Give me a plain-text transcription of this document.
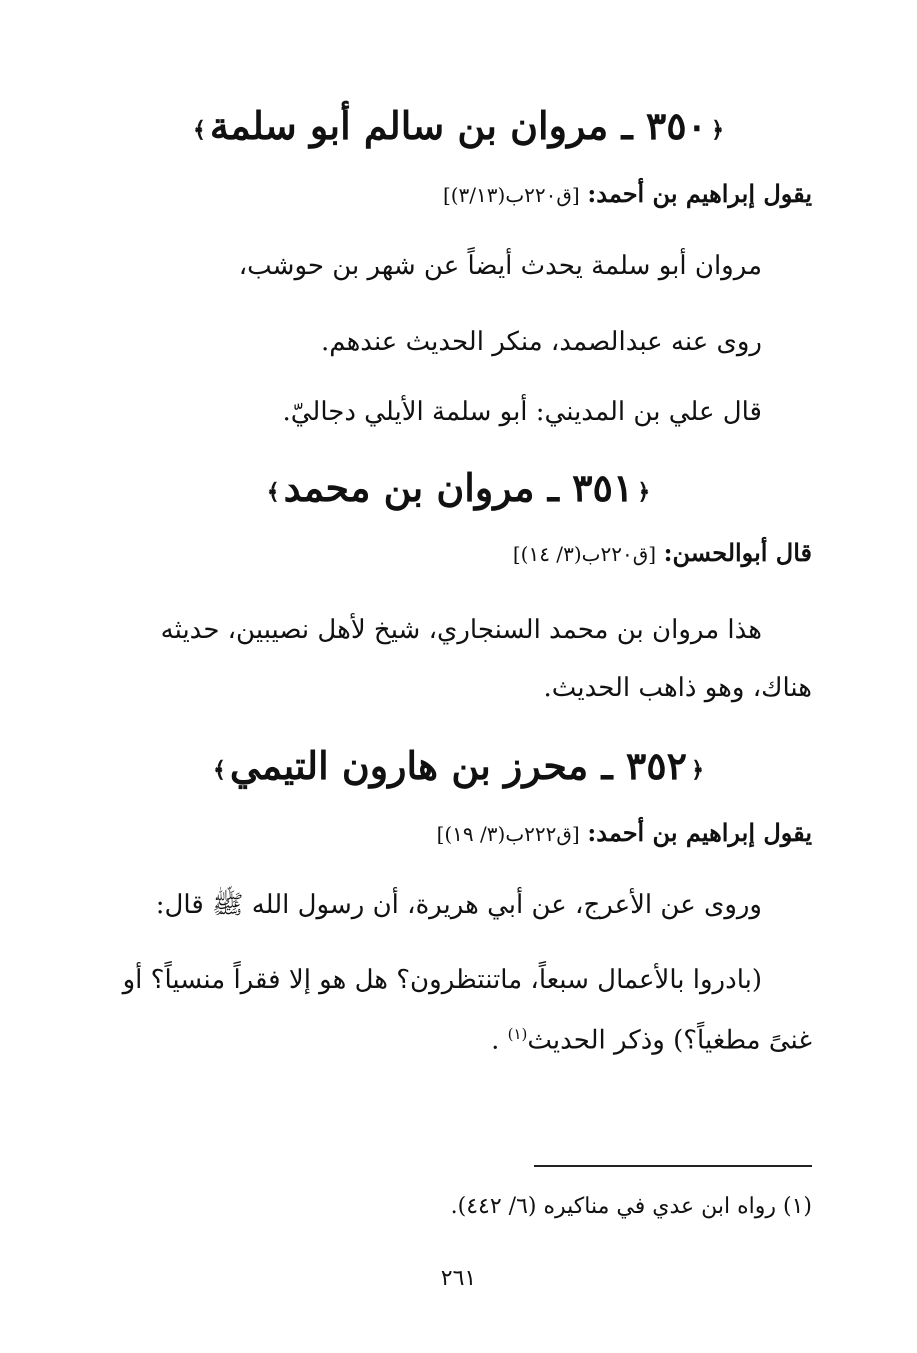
﴿٣٥٠ ـ مروان بن سالم أبو سلمة﴾
يقول إبراهيم بن أحمد: [ق٢٢٠ب(٣/١٣)]
مروان أبو سلمة يحدث أيضاً عن شهر بن حوشب،
روى عنه عبدالصمد، منكر الحديث عندهم.
قال علي بن المديني: أبو سلمة الأيلي دجاليّ.
﴿٣٥١ ـ مروان بن محمد﴾
قال أبوالحسن: [ق٢٢٠ب(٣/ ١٤)]
هذا مروان بن محمد السنجاري، شيخ لأهل نصيبين، حديثه
هناك، وهو ذاهب الحديث.
﴿٣٥٢ ـ محرز بن هارون التيمي﴾
يقول إبراهيم بن أحمد: [ق٢٢٢ب(٣/ ١٩)]
وروى عن الأعرج، عن أبي هريرة، أن رسول الله ﷺ قال:
(بادروا بالأعمال سبعاً، ماتنتظرون؟ هل هو إلا فقراً منسياً؟ أو
غنىً مطغياً؟) وذكر الحديث$^{(١)}$ .
(١) رواه ابن عدي في مناكيره (٦/ ٤٤٢).
٢٦١
